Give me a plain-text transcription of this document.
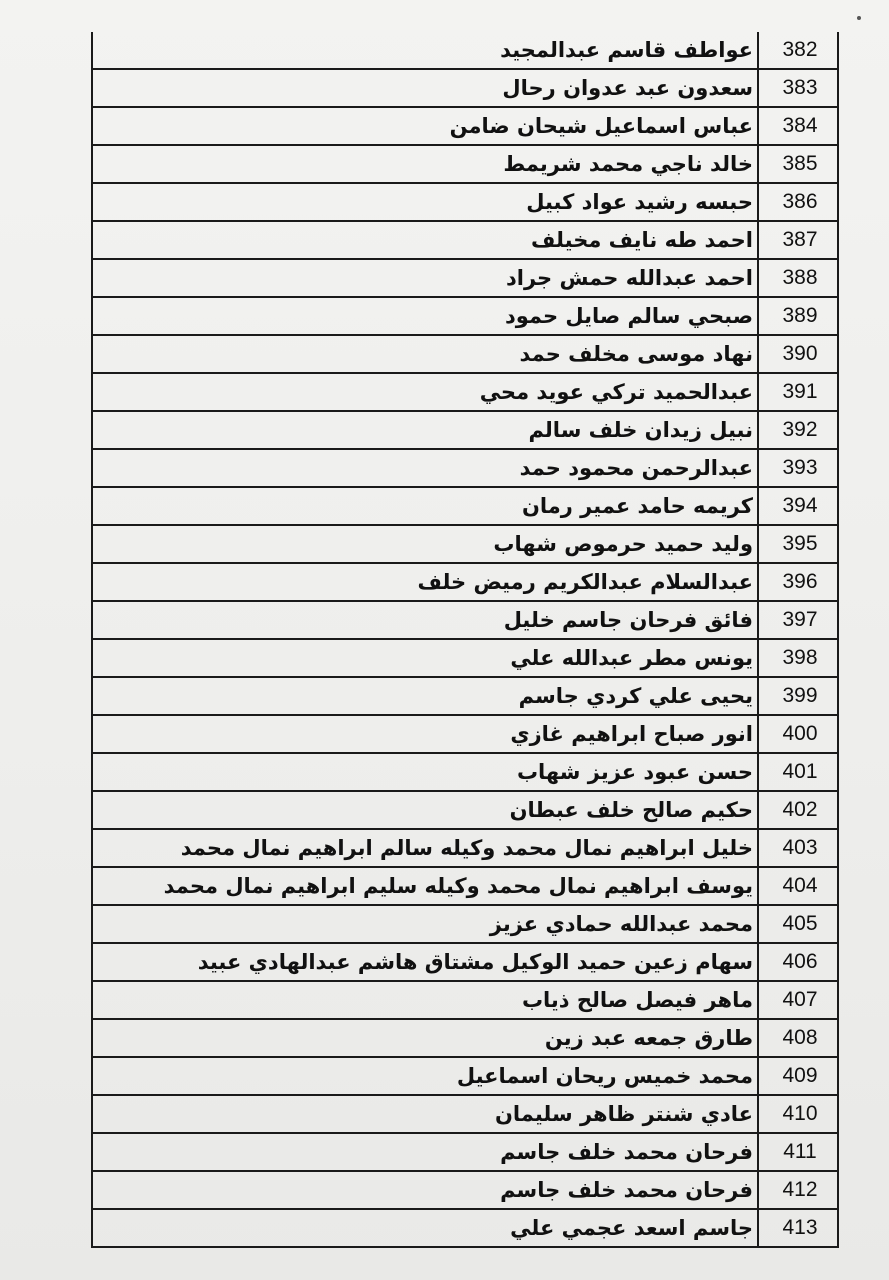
عواطف قاسم عبدالمجيد	382
سعدون عبد عدوان رحال	383
عباس اسماعيل شيحان ضامن	384
خالد ناجي محمد شريمط	385
حبسه رشيد عواد كبيل	386
احمد طه نايف مخيلف	387
احمد عبدالله حمش جراد	388
صبحي سالم صايل حمود	389
نهاد موسى مخلف حمد	390
عبدالحميد تركي عويد محي	391
نبيل زيدان خلف سالم	392
عبدالرحمن محمود حمد	393
كريمه حامد عمير رمان	394
وليد حميد حرموص شهاب	395
عبدالسلام عبدالكريم رميض خلف	396
فائق فرحان جاسم خليل	397
يونس مطر عبدالله علي	398
يحيى علي كردي جاسم	399
انور صباح ابراهيم غازي	400
حسن عبود عزيز شهاب	401
حكيم صالح خلف عبطان	402
خليل ابراهيم نمال محمد وكيله سالم ابراهيم نمال محمد	403
يوسف ابراهيم نمال محمد وكيله سليم ابراهيم نمال محمد	404
محمد عبدالله حمادي عزيز	405
سهام زعين حميد الوكيل مشتاق هاشم عبدالهادي عبيد	406
ماهر فيصل صالح ذياب	407
طارق جمعه عبد زين	408
محمد خميس ريحان اسماعيل	409
عادي شنتر ظاهر سليمان	410
فرحان محمد خلف جاسم	411
فرحان محمد خلف جاسم	412
جاسم اسعد عجمي علي	413
